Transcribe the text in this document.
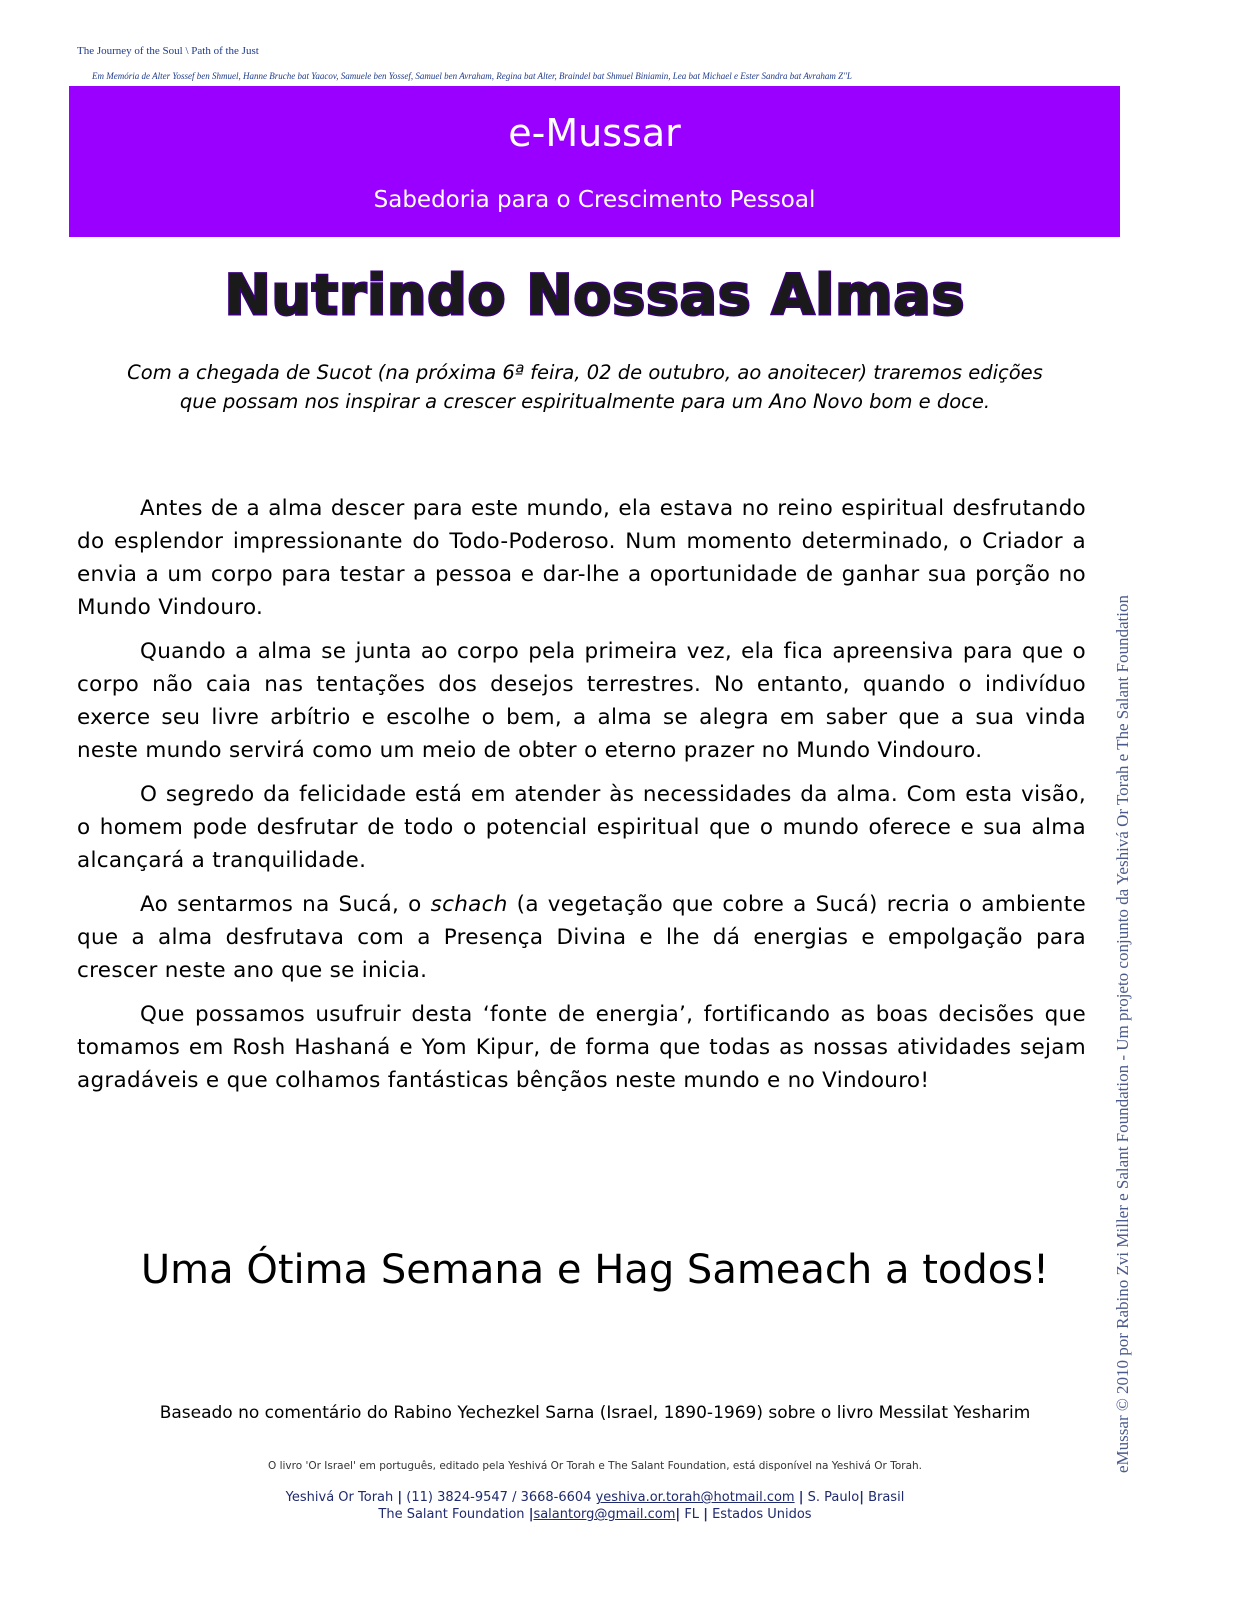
The Journey of the Soul \ Path of the Just
Em Memória de Alter Yossef ben Shmuel, Hanne Bruche bat Yaacov, Samuele ben Yossef, Samuel ben Avraham, Regina bat Alter, Braindel bat Shmuel Biniamin, Lea bat Michael e Ester Sandra bat Avraham Z"L
e-Mussar
Sabedoria para o Crescimento Pessoal
Nutrindo Nossas Almas
Com a chegada de Sucot (na próxima 6ª feira, 02 de outubro, ao anoitecer) traremos edições
que possam nos inspirar a crescer espiritualmente para um Ano Novo bom e doce.

Antes de a alma descer para este mundo, ela estava no reino espiritual desfrutando do esplendor impressionante do Todo-Poderoso. Num momento determinado, o Criador a envia a um corpo para testar a pessoa e dar-lhe a oportunidade de ganhar sua porção no Mundo Vindouro.

Quando a alma se junta ao corpo pela primeira vez, ela fica apreensiva para que o corpo não caia nas tentações dos desejos terrestres. No entanto, quando o indivíduo exerce seu livre arbítrio e escolhe o bem, a alma se alegra em saber que a sua vinda neste mundo servirá como um meio de obter o eterno prazer no Mundo Vindouro.

O segredo da felicidade está em atender às necessidades da alma. Com esta visão, o homem pode desfrutar de todo o potencial espiritual que o mundo oferece e sua alma alcançará a tranquilidade.

Ao sentarmos na Sucá, o schach (a vegetação que cobre a Sucá) recria o ambiente que a alma desfrutava com a Presença Divina e lhe dá energias e empolgação para crescer neste ano que se inicia.

Que possamos usufruir desta ‘fonte de energia’, fortificando as boas decisões que tomamos em Rosh Hashaná e Yom Kipur, de forma que todas as nossas atividades sejam agradáveis e que colhamos fantásticas bênçãos neste mundo e no Vindouro!

Uma Ótima Semana e Hag Sameach a todos!
Baseado no comentário do Rabino Yechezkel Sarna (Israel, 1890-1969) sobre o livro Messilat Yesharim
O livro 'Or Israel' em português, editado pela Yeshivá Or Torah e The Salant Foundation, está disponível na Yeshivá Or Torah.
Yeshivá Or Torah | (11) 3824-9547 / 3668-6604 yeshiva.or.torah@hotmail.com | S. Paulo| Brasil
The Salant Foundation |salantorg@gmail.com| FL | Estados Unidos
eMussar © 2010 por Rabino Zvi Miller e Salant Foundation - Um projeto conjunto da Yeshivá Or Torah e The Salant Foundation
